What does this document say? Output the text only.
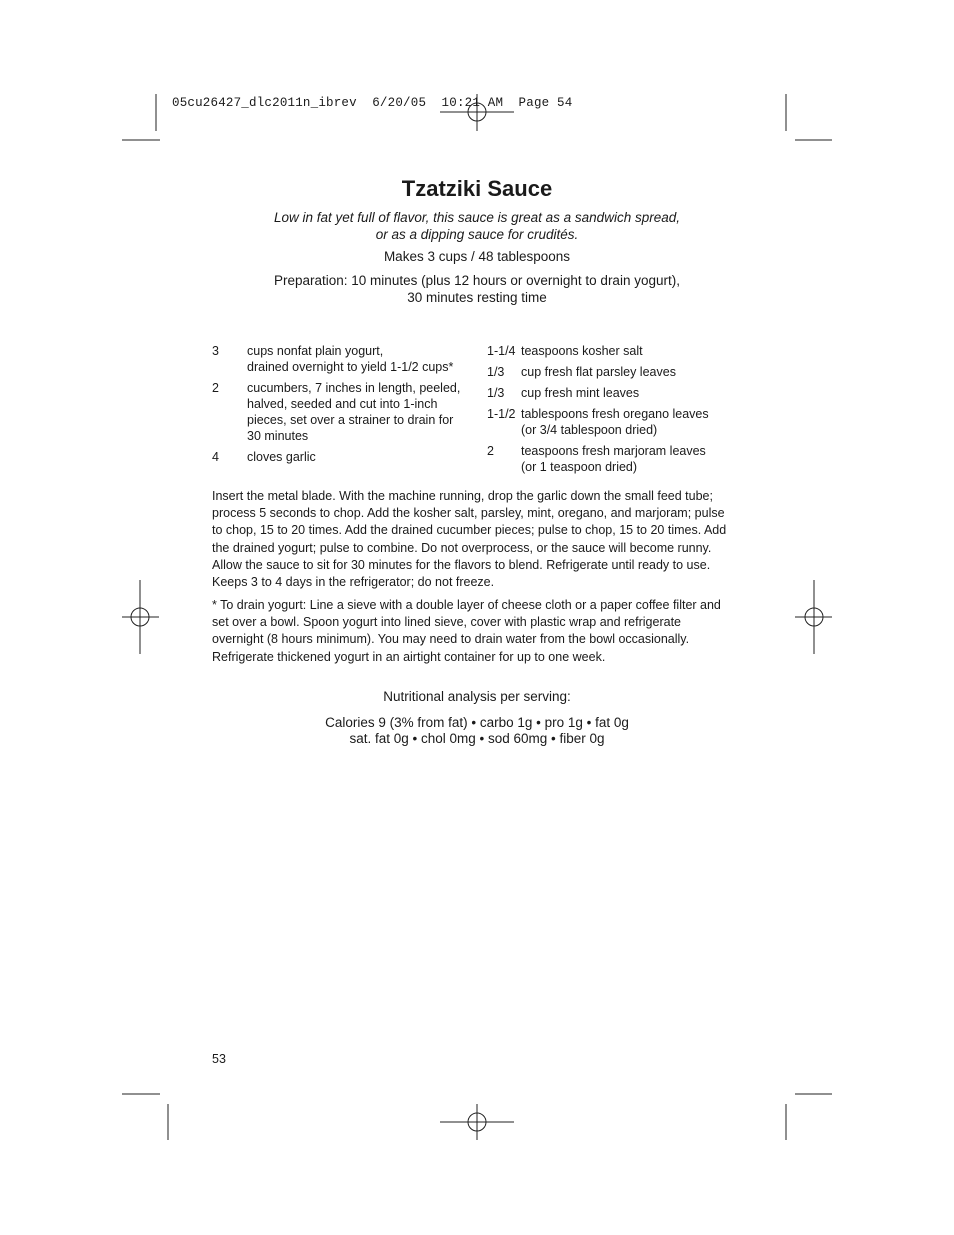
05cu26427_dlc2011n_ibrev  6/20/05  10:21 AM  Page 54
Tzatziki Sauce
Low in fat yet full of flavor, this sauce is great as a sandwich spread,
or as a dipping sauce for crudités.
Makes 3 cups / 48 tablespoons
Preparation: 10 minutes (plus 12 hours or overnight to drain yogurt),
30 minutes resting time
3	cups nonfat plain yogurt,
drained overnight to yield 1-1/2 cups*
2	cucumbers, 7 inches in length, peeled,
halved, seeded and cut into 1-inch
pieces, set over a strainer to drain for
30 minutes
4	cloves garlic
1-1/4 teaspoons kosher salt
1/3	cup fresh flat parsley leaves
1/3	cup fresh mint leaves
1-1/2 tablespoons fresh oregano leaves
(or 3/4 tablespoon dried)
2	teaspoons fresh marjoram leaves
(or 1 teaspoon dried)
Insert the metal blade. With the machine running, drop the garlic down the small feed tube;
process 5 seconds to chop. Add the kosher salt, parsley, mint, oregano, and marjoram; pulse
to chop, 15 to 20 times. Add the drained cucumber pieces; pulse to chop, 15 to 20 times. Add
the drained yogurt; pulse to combine. Do not overprocess, or the sauce will become runny.
Allow the sauce to sit for 30 minutes for the flavors to blend. Refrigerate until ready to use.
Keeps 3 to 4 days in the refrigerator; do not freeze.
* To drain yogurt: Line a sieve with a double layer of cheese cloth or a paper coffee filter and
set over a bowl. Spoon yogurt into lined sieve, cover with plastic wrap and refrigerate
overnight (8 hours minimum). You may need to drain water from the bowl occasionally.
Refrigerate thickened yogurt in an airtight container for up to one week.
Nutritional analysis per serving:
Calories 9 (3% from fat) • carbo 1g • pro 1g • fat 0g
sat. fat 0g • chol 0mg • sod 60mg • fiber 0g
53
